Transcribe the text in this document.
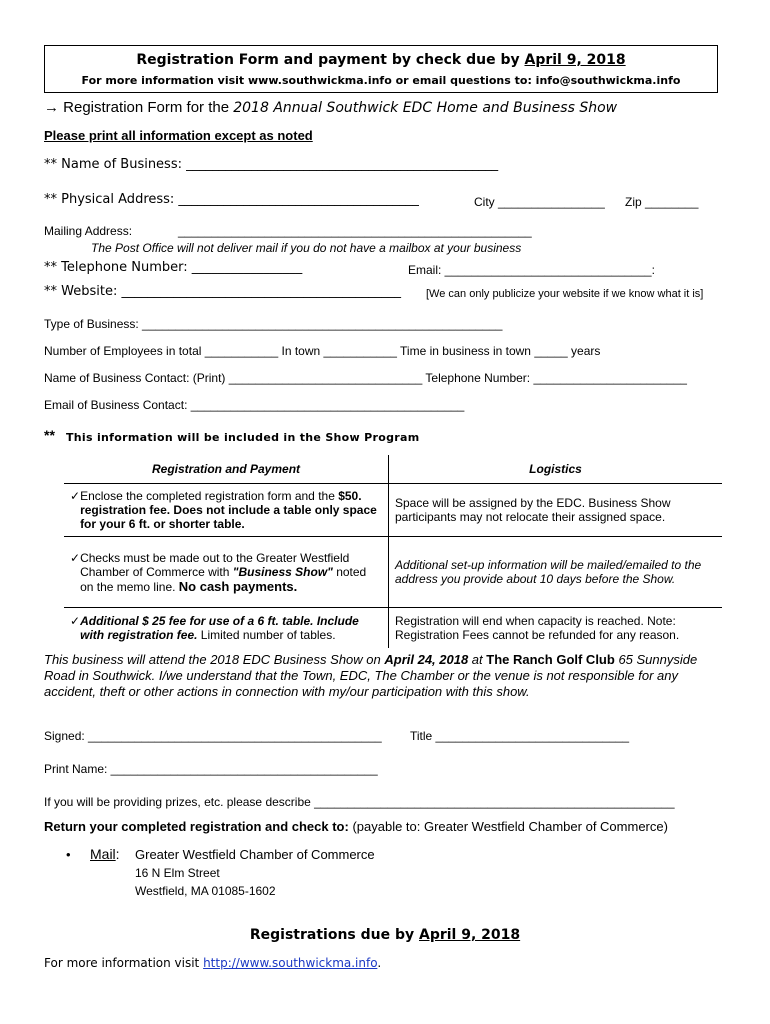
Registration Form and payment by check due by April 9, 2018
For more information visit www.southwickma.info or email questions to: info@southwickma.info
→ Registration Form for the 2018 Annual Southwick EDC Home and Business Show
Please print all information except as noted
** Name of Business: ________________________________________________
** Physical Address: _____________________________________	City ________________ Zip ________
Mailing Address:	_____________________________________________________
The Post Office will not deliver mail if you do not have a mailbox at your business
** Telephone Number: _________________	Email: _______________________________:
** Website: ___________________________________________ [We can only publicize your website if we know what it is]
Type of Business: ______________________________________________________
Number of Employees in total ___________ In town ___________ Time in business in town _____ years
Name of Business Contact: (Print) _____________________________ Telephone Number: _______________________
Email of Business Contact: _________________________________________
** This information will be included in the Show Program
Registration and Payment	Logistics

✓ Enclose the completed registration form and the $50. registration fee. Does not include a table only space for your 6 ft. or shorter table.	Space will be assigned by the EDC. Business Show participants may not relocate their assigned space.

✓ Checks must be made out to the Greater Westfield Chamber of Commerce with "Business Show" noted on the memo line. No cash payments.	Additional set-up information will be mailed/emailed to the address you provide about 10 days before the Show.

✓ Additional $ 25 fee for use of a 6 ft. table. Include with registration fee. Limited number of tables.	Registration will end when capacity is reached. Note: Registration Fees cannot be refunded for any reason.
This business will attend the 2018 EDC Business Show on April 24, 2018 at The Ranch Golf Club 65 Sunnyside Road in Southwick. I/we understand that the Town, EDC, The Chamber or the venue is not responsible for any accident, theft or other actions in connection with my/our participation with this show.
Signed: ____________________________________________ Title _____________________________
Print Name: ________________________________________
If you will be providing prizes, etc. please describe ______________________________________________________
Return your completed registration and check to: (payable to: Greater Westfield Chamber of Commerce)
• Mail: Greater Westfield Chamber of Commerce
16 N Elm Street
Westfield, MA 01085-1602
Registrations due by April 9, 2018
For more information visit http://www.southwickma.info.
